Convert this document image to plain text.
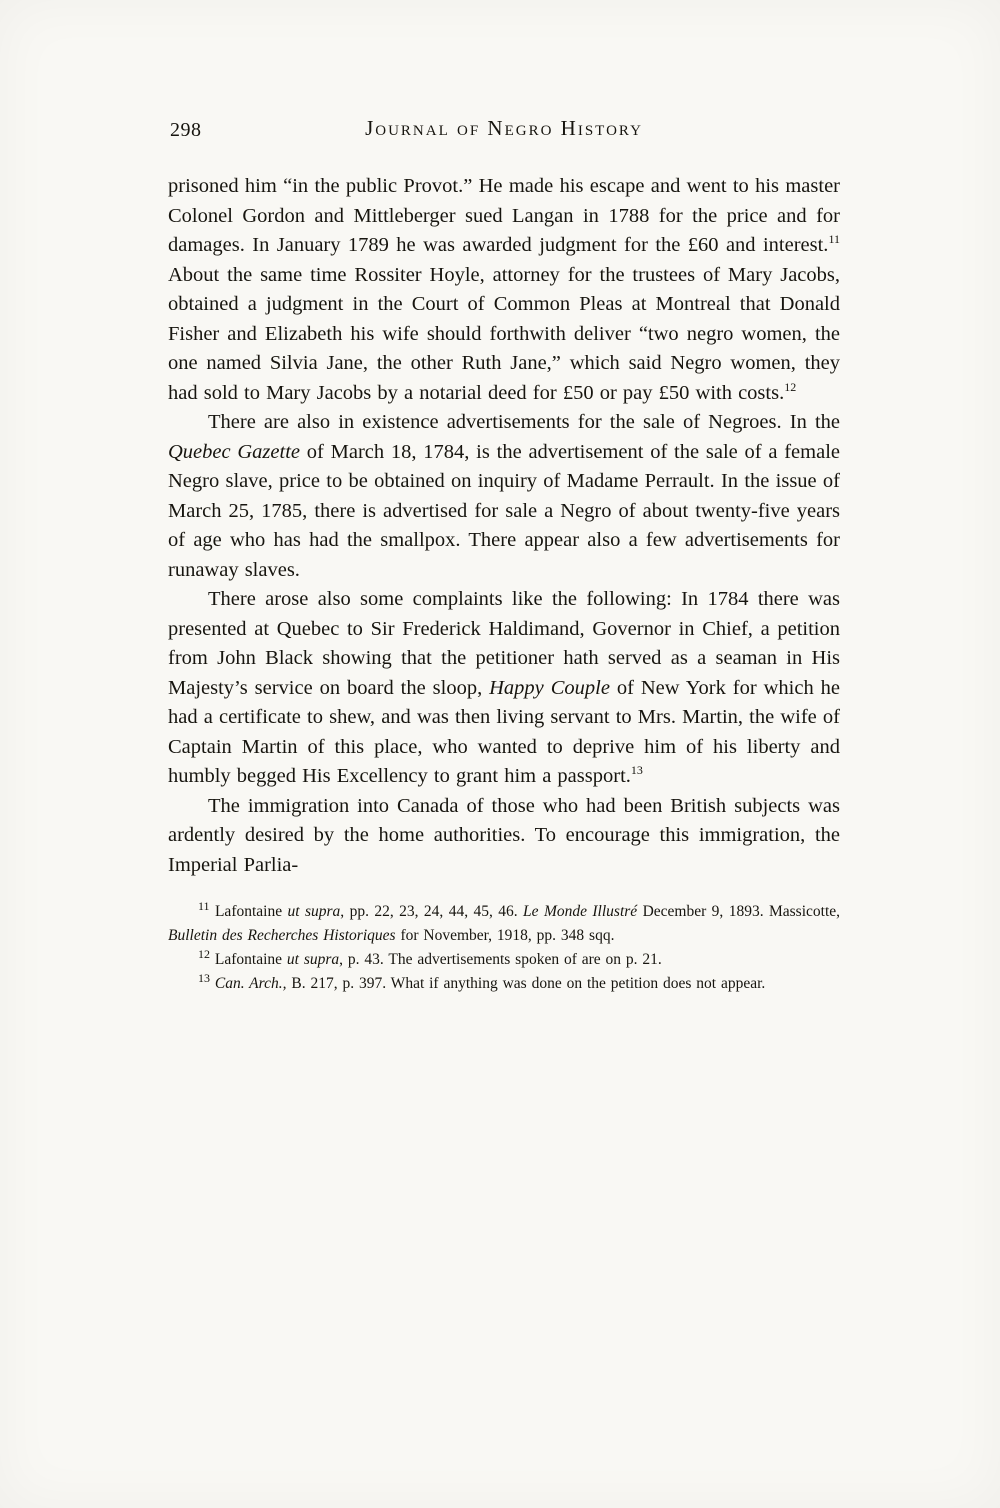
298	Journal of Negro History

prisoned him “in the public Provot.” He made his escape and went to his master Colonel Gordon and Mittleberger sued Langan in 1788 for the price and for damages. In January 1789 he was awarded judgment for the £60 and interest.$^{11}$ About the same time Rossiter Hoyle, attorney for the trustees of Mary Jacobs, obtained a judgment in the Court of Common Pleas at Montreal that Donald Fisher and Elizabeth his wife should forthwith deliver “two negro women, the one named Silvia Jane, the other Ruth Jane,” which said Negro women, they had sold to Mary Jacobs by a notarial deed for £50 or pay £50 with costs.$^{12}$

There are also in existence advertisements for the sale of Negroes. In the Quebec Gazette of March 18, 1784, is the advertisement of the sale of a female Negro slave, price to be obtained on inquiry of Madame Perrault. In the issue of March 25, 1785, there is advertised for sale a Negro of about twenty-five years of age who has had the smallpox. There appear also a few advertisements for runaway slaves.

There arose also some complaints like the following: In 1784 there was presented at Quebec to Sir Frederick Haldimand, Governor in Chief, a petition from John Black showing that the petitioner hath served as a seaman in His Majesty’s service on board the sloop, Happy Couple of New York for which he had a certificate to shew, and was then living servant to Mrs. Martin, the wife of Captain Martin of this place, who wanted to deprive him of his liberty and humbly begged His Excellency to grant him a passport.$^{13}$

The immigration into Canada of those who had been British subjects was ardently desired by the home authorities. To encourage this immigration, the Imperial Parlia-

$^{11}$ Lafontaine ut supra, pp. 22, 23, 24, 44, 45, 46. Le Monde Illustré December 9, 1893. Massicotte, Bulletin des Recherches Historiques for November, 1918, pp. 348 sqq.

$^{12}$ Lafontaine ut supra, p. 43. The advertisements spoken of are on p. 21.

$^{13}$ Can. Arch., B. 217, p. 397. What if anything was done on the petition does not appear.
